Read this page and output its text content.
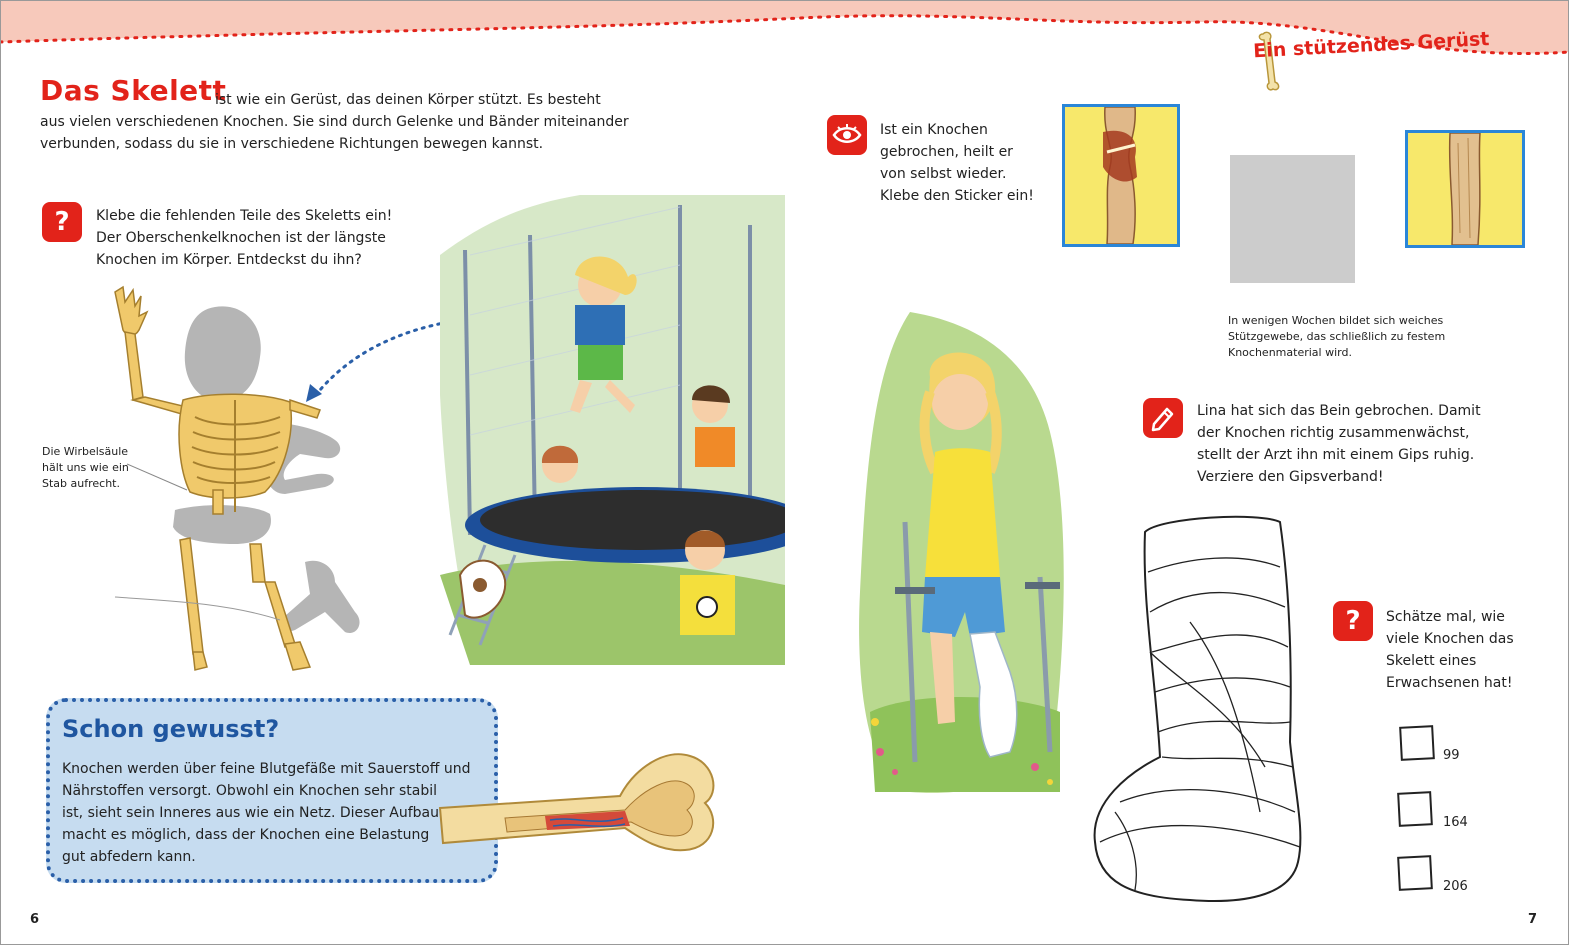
Ein stützendes Gerüst
Das Skelett
ist wie ein Gerüst, das deinen Körper stützt. Es besteht
aus vielen verschiedenen Knochen. Sie sind durch Gelenke und Bänder miteinander
verbunden, sodass du sie in verschiedene Richtungen bewegen kannst.
? Klebe die fehlenden Teile des Skeletts ein!
Der Oberschenkelknochen ist der längste
Knochen im Körper. Entdeckst du ihn?
Die Wirbelsäule
hält uns wie ein
Stab aufrecht.
Schon gewusst?
Knochen werden über feine Blutgefäße mit Sauerstoff und
Nährstoffen versorgt. Obwohl ein Knochen sehr stabil
ist, sieht sein Inneres aus wie ein Netz. Dieser Aufbau
macht es möglich, dass der Knochen eine Belastung
gut abfedern kann.
6	7
Ist ein Knochen
gebrochen, heilt er
von selbst wieder.
Klebe den Sticker ein!
In wenigen Wochen bildet sich weiches
Stützgewebe, das schließlich zu festem
Knochenmaterial wird.
Lina hat sich das Bein gebrochen. Damit
der Knochen richtig zusammenwächst,
stellt der Arzt ihn mit einem Gips ruhig.
Verziere den Gipsverband!
? Schätze mal, wie
viele Knochen das
Skelett eines
Erwachsenen hat!
99
164
206
